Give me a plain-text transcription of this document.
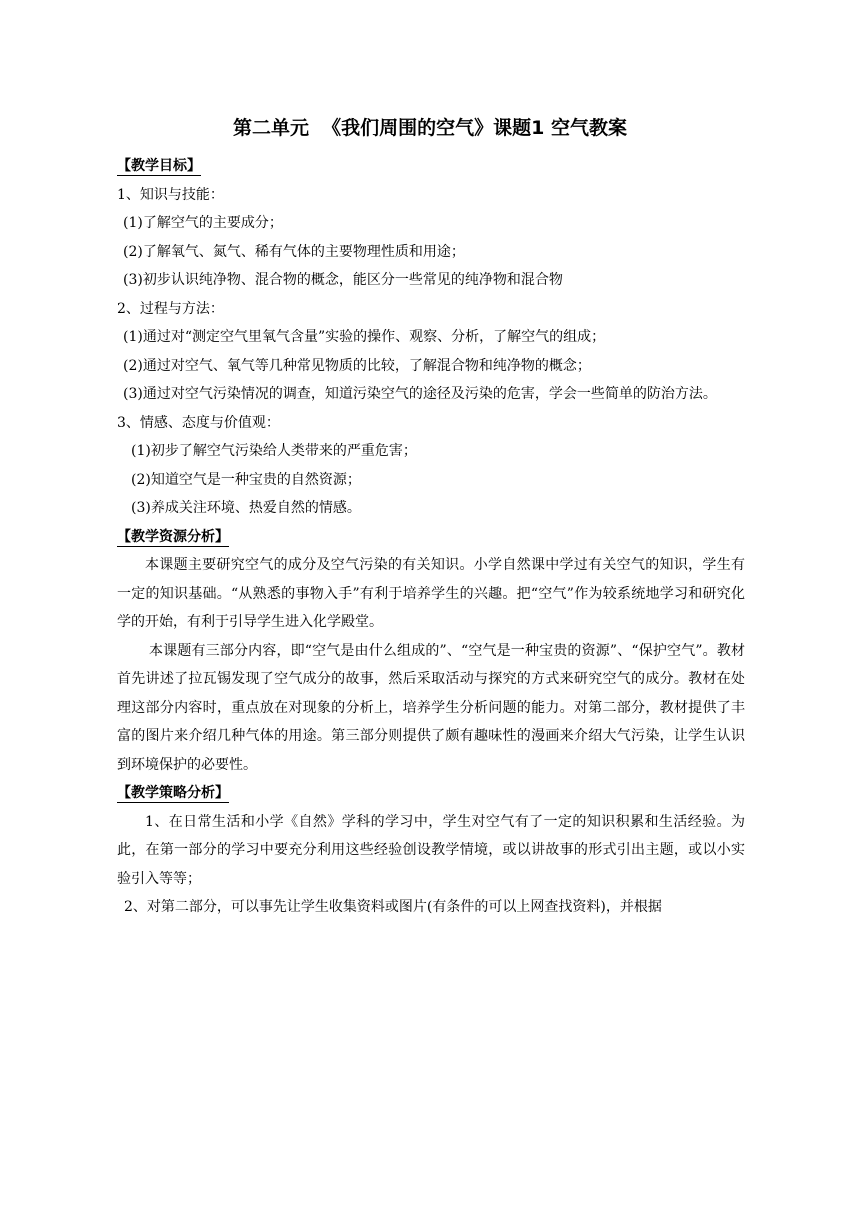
第二单元  《我们周围的空气》课题1 空气教案

【教学目标】

1、知识与技能：

(1)了解空气的主要成分；

(2)了解氧气、氮气、稀有气体的主要物理性质和用途；

(3)初步认识纯净物、混合物的概念，能区分一些常见的纯净物和混合物

2、过程与方法：

(1)通过对“测定空气里氧气含量”实验的操作、观察、分析，了解空气的组成；

(2)通过对空气、氧气等几种常见物质的比较，了解混合物和纯净物的概念；

(3)通过对空气污染情况的调查，知道污染空气的途径及污染的危害，学会一些简单的防治方法。

3、情感、态度与价值观：

(1)初步了解空气污染给人类带来的严重危害；

(2)知道空气是一种宝贵的自然资源；

(3)养成关注环境、热爱自然的情感。

【教学资源分析】

本课题主要研究空气的成分及空气污染的有关知识。小学自然课中学过有关空气的知识，学生有一定的知识基础。“从熟悉的事物入手”有利于培养学生的兴趣。把“空气”作为较系统地学习和研究化学的开始，有利于引导学生进入化学殿堂。

本课题有三部分内容，即“空气是由什么组成的”、“空气是一种宝贵的资源”、“保护空气”。教材首先讲述了拉瓦锡发现了空气成分的故事，然后采取活动与探究的方式来研究空气的成分。教材在处理这部分内容时，重点放在对现象的分析上，培养学生分析问题的能力。对第二部分，教材提供了丰富的图片来介绍几种气体的用途。第三部分则提供了颇有趣味性的漫画来介绍大气污染，让学生认识到环境保护的必要性。

【教学策略分析】

1、在日常生活和小学《自然》学科的学习中，学生对空气有了一定的知识积累和生活经验。为此，在第一部分的学习中要充分利用这些经验创设教学情境，或以讲故事的形式引出主题，或以小实验引入等等；

2、对第二部分，可以事先让学生收集资料或图片(有条件的可以上网查找资料)，并根据
